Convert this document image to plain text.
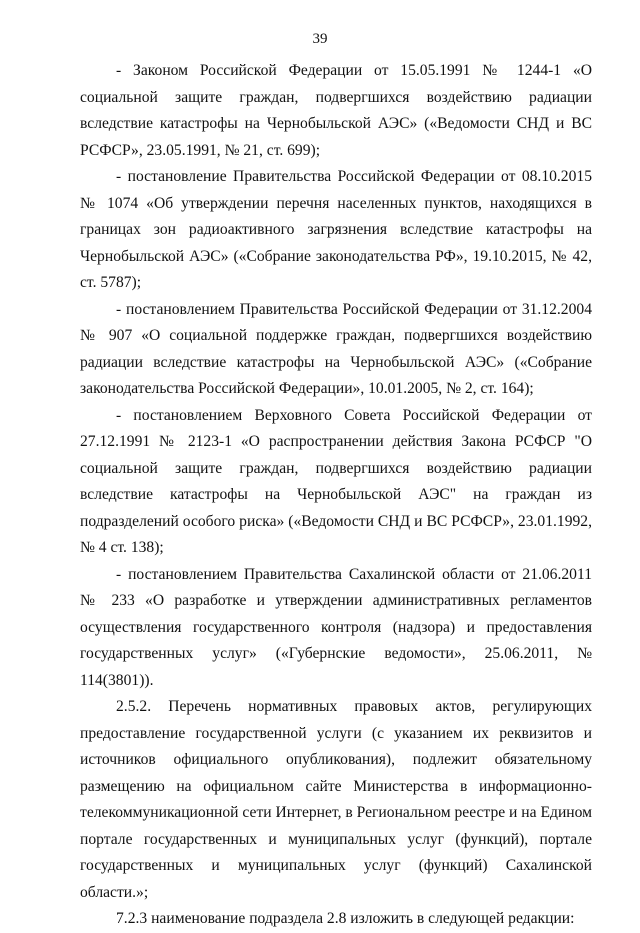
39

- Законом Российской Федерации от 15.05.1991 № 1244-1 «О социальной защите граждан, подвергшихся воздействию радиации вследствие катастрофы на Чернобыльской АЭС» («Ведомости СНД и ВС РСФСР», 23.05.1991, № 21, ст. 699);

- постановление Правительства Российской Федерации от 08.10.2015 № 1074 «Об утверждении перечня населенных пунктов, находящихся в границах зон радиоактивного загрязнения вследствие катастрофы на Чернобыльской АЭС» («Собрание законодательства РФ», 19.10.2015, № 42, ст. 5787);

- постановлением Правительства Российской Федерации от 31.12.2004 № 907 «О социальной поддержке граждан, подвергшихся воздействию радиации вследствие катастрофы на Чернобыльской АЭС» («Собрание законодательства Российской Федерации», 10.01.2005, № 2, ст. 164);

- постановлением Верховного Совета Российской Федерации от 27.12.1991 № 2123-1 «О распространении действия Закона РСФСР "О социальной защите граждан, подвергшихся воздействию радиации вследствие катастрофы на Чернобыльской АЭС" на граждан из подразделений особого риска» («Ведомости СНД и ВС РСФСР», 23.01.1992, № 4 ст. 138);

- постановлением Правительства Сахалинской области от 21.06.2011 № 233 «О разработке и утверждении административных регламентов осуществления государственного контроля (надзора) и предоставления государственных услуг» («Губернские ведомости», 25.06.2011, № 114(3801)).

2.5.2. Перечень нормативных правовых актов, регулирующих предоставление государственной услуги (с указанием их реквизитов и источников официального опубликования), подлежит обязательному размещению на официальном сайте Министерства в информационно-телекоммуникационной сети Интернет, в Региональном реестре и на Едином портале государственных и муниципальных услуг (функций), портале государственных и муниципальных услуг (функций) Сахалинской области.»;

7.2.3 наименование подраздела 2.8 изложить в следующей редакции:
